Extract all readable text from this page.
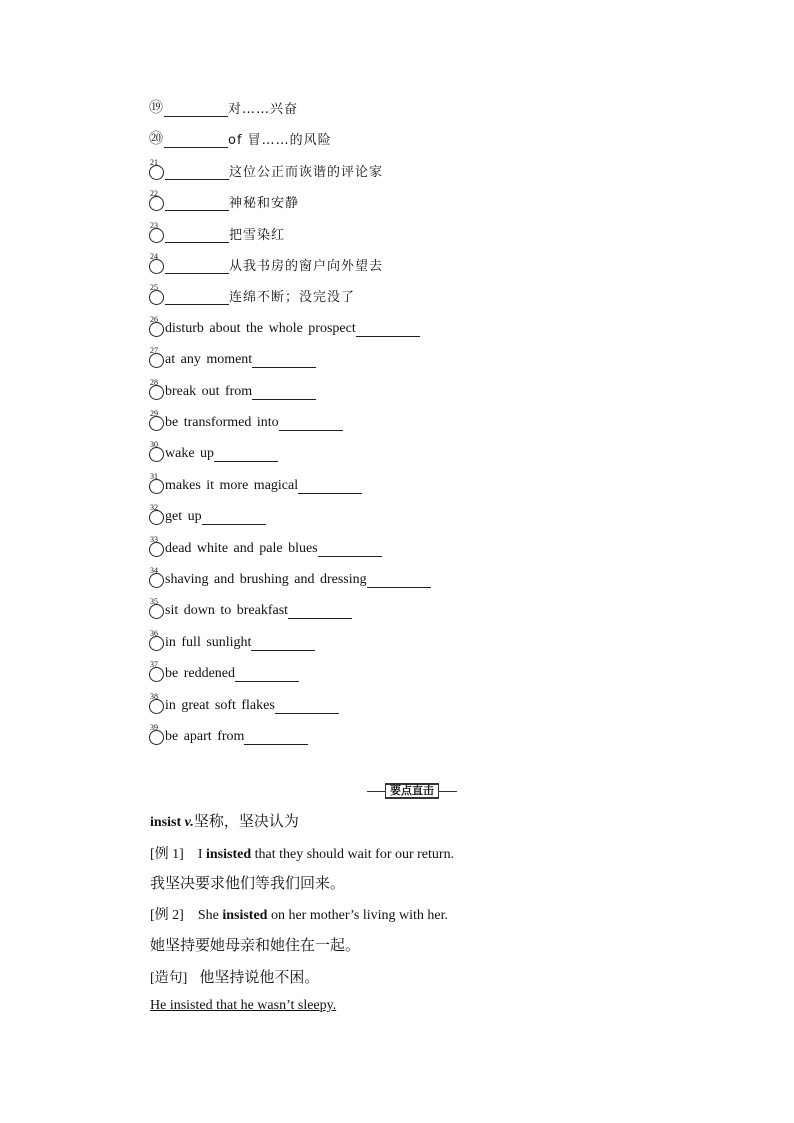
⑲	对……兴奋
⑳	of 冒……的风险
21
这位公正而诙谐的评论家
22
神秘和安静
23
把雪染红
24
从我书房的窗户向外望去
25
连绵不断；没完没了
26
disturb about the whole prospect
27
at any moment
28
break out from
29
be transformed into
30
wake up
31
makes it more magical
32
get up
33
dead white and pale blues
34
shaving and brushing and dressing
35
sit down to breakfast
36
in full sunlight
37
be reddened
38
in great soft flakes
39
be apart from
要点直击
insist v.坚称，坚决认为
[例 1] I insisted that they should wait for our return.
我坚决要求他们等我们回来。
[例 2] She insisted on her mother’s living with her.
她坚持要她母亲和她住在一起。
[造句] 他坚持说他不困。
He insisted that he wasn’t sleepy.
